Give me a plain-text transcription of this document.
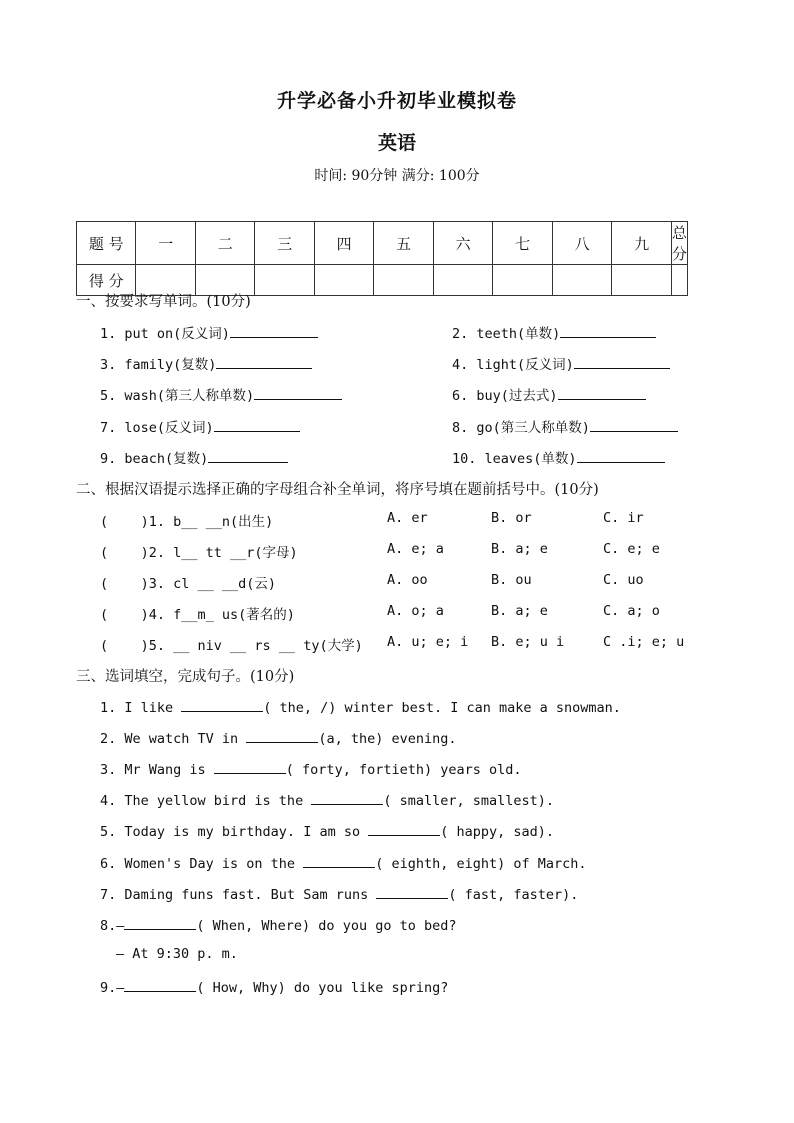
升学必备小升初毕业模拟卷
英语
时间: 90分钟 满分: 100分
题 号	一	二	三	四	五	六	七	八	九	总 分
得 分										
一、按要求写单词。(10分)
1. put on(反义词)	2. teeth(单数)
3. family(复数)	4. light(反义词)
5. wash(第三人称单数)	6. buy(过去式)
7. lose(反义词)	8. go(第三人称单数)
9. beach(复数)	10. leaves(单数)
二、根据汉语提示选择正确的字母组合补全单词，将序号填在题前括号中。(10分)
(    )1. b__ __n(出生)	A. er	B. or	C. ir
(    )2. l__ tt __r(字母)	A. e; a	B. a; e	C. e; e
(    )3. cl __ __d(云)	A. oo	B. ou	C. uo
(    )4. f__m_ us(著名的)	A. o; a	B. a; e	C. a; o
(    )5. __ niv __ rs __ ty(大学) A. u; e; i B. e; u i	C .i; e; u
三、选词填空，完成句子。(10分)
1. I like	( the, /) winter best. I can make a snowman.
2. We watch TV in	(a, the) evening.
3. Mr Wang is	( forty, fortieth) years old.
4. The yellow bird is the	( smaller, smallest).
5. Today is my birthday. I am so	( happy, sad).
6. Women's Day is on the	( eighth, eight) of March.
7. Daming funs fast. But Sam runs	( fast, faster).
8.—	( When, Where) do you go to bed?
— At 9:30 p. m.
9.—	( How, Why) do you like spring?
